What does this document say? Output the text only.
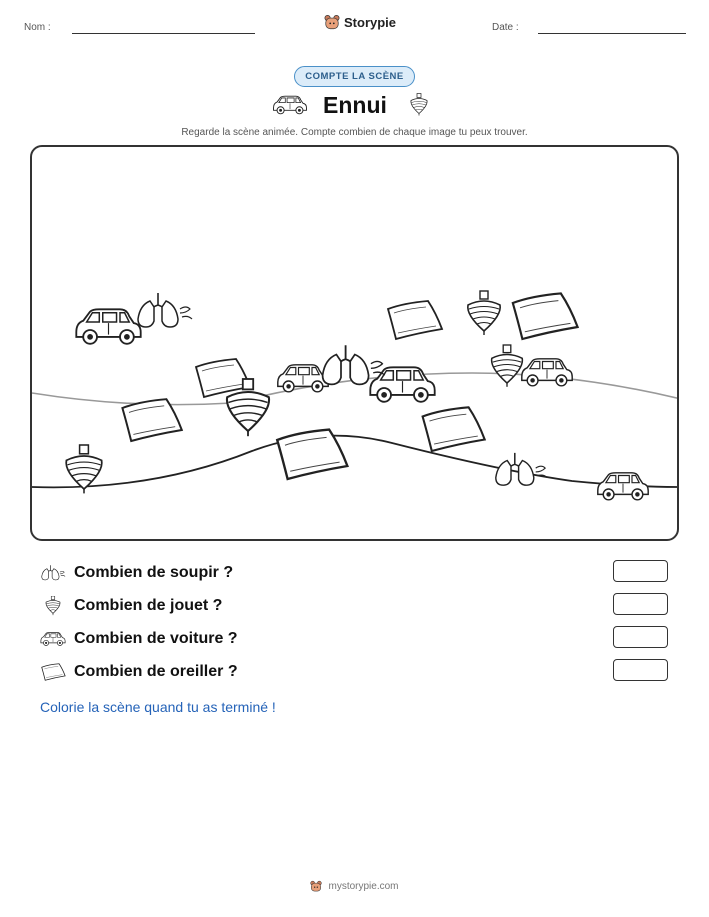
Nom :	Storypie	Date :
COMPTE LA SCÈNE
Ennui
Regarde la scène animée. Compte combien de chaque image tu peux trouver.
Combien de soupir ?
Combien de jouet ?
Combien de voiture ?
Combien de oreiller ?
Colorie la scène quand tu as terminé !
mystorypie.com
